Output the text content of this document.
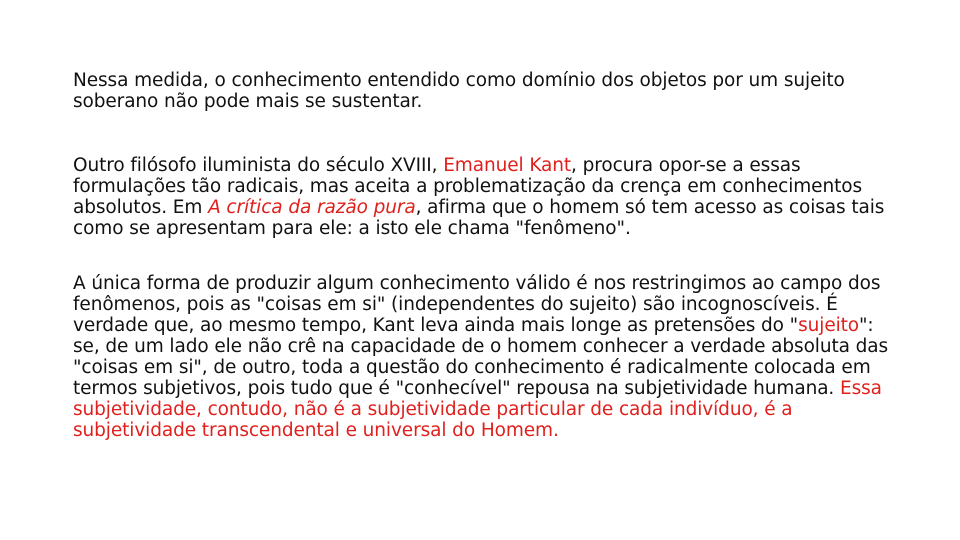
Nessa medida, o conhecimento entendido como domínio dos objetos por um sujeito soberano não pode mais se sustentar.

Outro filósofo iluminista do século XVIII, Emanuel Kant, procura opor-se a essas formulações tão radicais, mas aceita a problematização da crença em conhecimentos absolutos. Em A crítica da razão pura, afirma que o homem só tem acesso as coisas tais como se apresentam para ele: a isto ele chama "fenômeno".

A única forma de produzir algum conhecimento válido é nos restringimos ao campo dos fenômenos, pois as "coisas em si" (independentes do sujeito) são incognoscíveis. É verdade que, ao mesmo tempo, Kant leva ainda mais longe as pretensões do "sujeito": se, de um lado ele não crê na capacidade de o homem conhecer a verdade absoluta das "coisas em si", de outro, toda a questão do conhecimento é radicalmente colocada em termos subjetivos, pois tudo que é "conhecível" repousa na subjetividade humana. Essa subjetividade, contudo, não é a subjetividade particular de cada indivíduo, é a subjetividade transcendental e universal do Homem.
